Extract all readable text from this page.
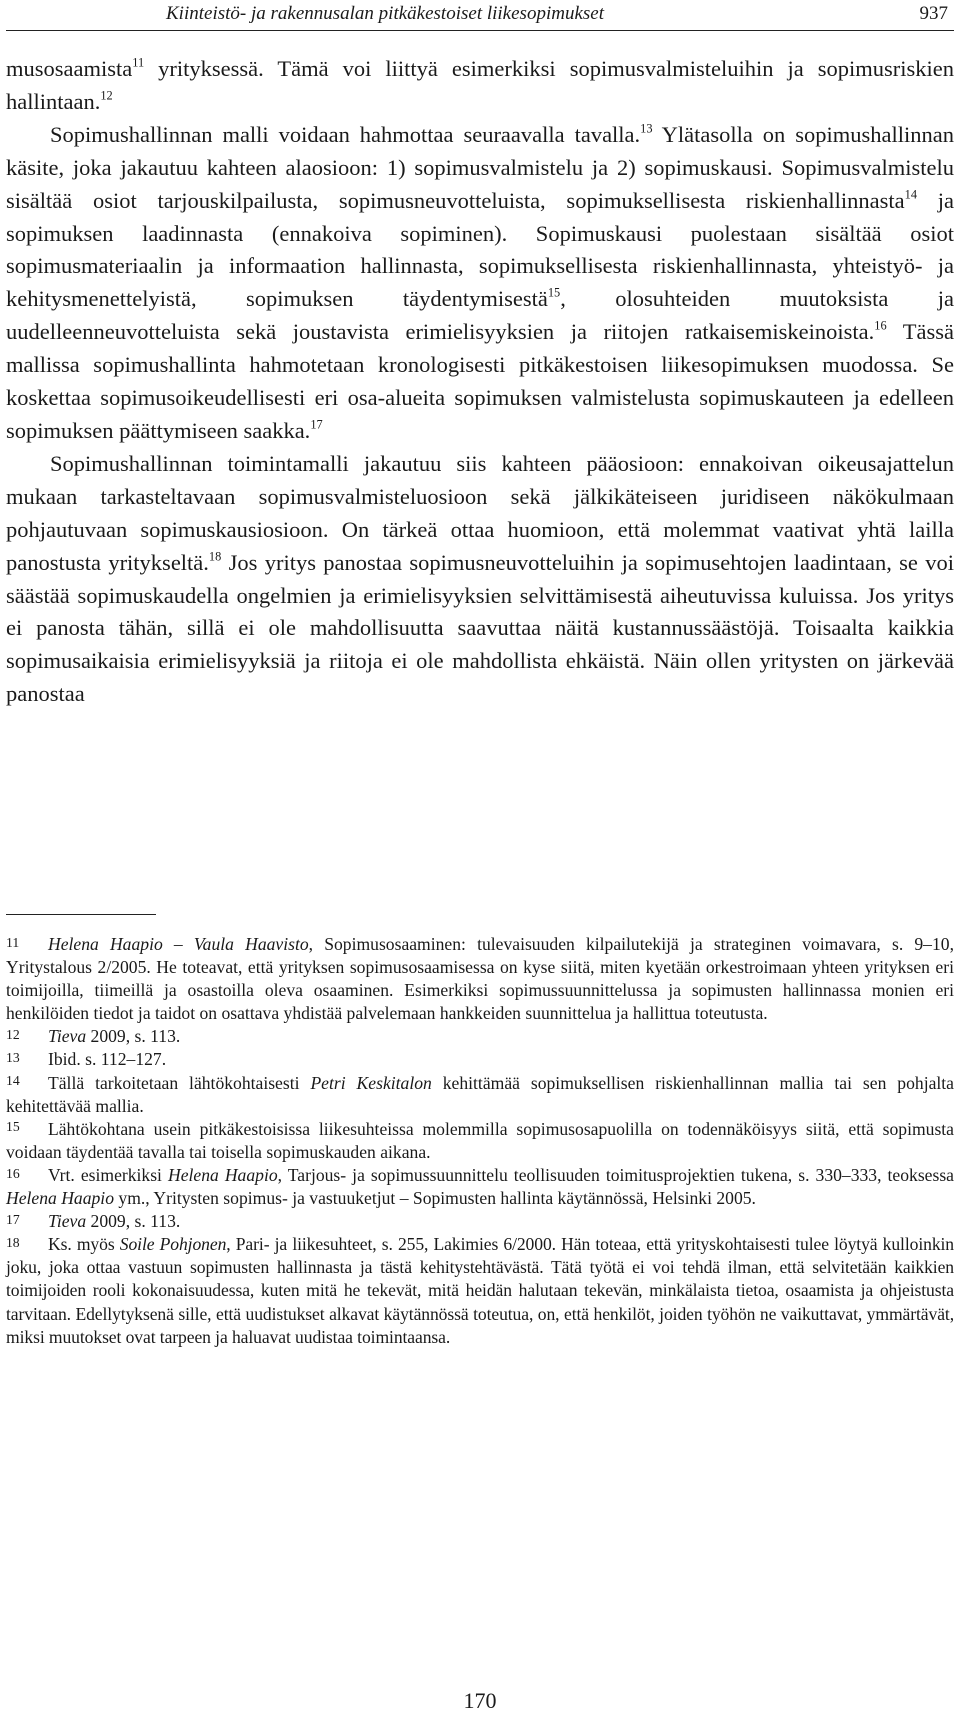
Kiinteistö- ja rakennusalan pitkäkestoiset liikesopimukset	937

musosaamista$^{11}$ yrityksessä. Tämä voi liittyä esimerkiksi sopimusvalmisteluihin ja sopimusriskien hallintaan.$^{12}$

Sopimushallinnan malli voidaan hahmottaa seuraavalla tavalla.$^{13}$ Ylätasolla on sopimushallinnan käsite, joka jakautuu kahteen alaosioon: 1) sopimusvalmistelu ja 2) sopimuskausi. Sopimusvalmistelu sisältää osiot tarjouskilpailusta, sopimusneuvotteluista, sopimuksellisesta riskienhallinnasta$^{14}$ ja sopimuksen laadinnasta (ennakoiva sopiminen). Sopimuskausi puolestaan sisältää osiot sopimusmateriaalin ja informaation hallinnasta, sopimuksellisesta riskienhallinnasta, yhteistyö- ja kehitysmenettelyistä, sopimuksen täydentymisestä$^{15}$, olosuhteiden muutoksista ja uudelleenneuvotteluista sekä joustavista erimielisyyksien ja riitojen ratkaisemiskeinoista.$^{16}$ Tässä mallissa sopimushallinta hahmotetaan kronologisesti pitkäkestoisen liikesopimuksen muodossa. Se koskettaa sopimusoikeudellisesti eri osa-alueita sopimuksen valmistelusta sopimuskauteen ja edelleen sopimuksen päättymiseen saakka.$^{17}$

Sopimushallinnan toimintamalli jakautuu siis kahteen pääosioon: ennakoivan oikeusajattelun mukaan tarkasteltavaan sopimusvalmisteluosioon sekä jälkikäteiseen juridiseen näkökulmaan pohjautuvaan sopimuskausiosioon. On tärkeä ottaa huomioon, että molemmat vaativat yhtä lailla panostusta yritykseltä.$^{18}$ Jos yritys panostaa sopimusneuvotteluihin ja sopimusehtojen laadintaan, se voi säästää sopimuskaudella ongelmien ja erimielisyyksien selvittämisestä aiheutuvissa kuluissa. Jos yritys ei panosta tähän, sillä ei ole mahdollisuutta saavuttaa näitä kustannussäästöjä. Toisaalta kaikkia sopimusaikaisia erimielisyyksiä ja riitoja ei ole mahdollista ehkäistä. Näin ollen yritysten on järkevää panostaa

11 Helena Haapio – Vaula Haavisto, Sopimusosaaminen: tulevaisuuden kilpailutekijä ja strateginen voimavara, s. 9–10, Yritystalous 2/2005. He toteavat, että yrityksen sopimusosaamisessa on kyse siitä, miten kyetään orkestroimaan yhteen yrityksen eri toimijoilla, tiimeillä ja osastoilla oleva osaaminen. Esimerkiksi sopimussuunnittelussa ja sopimusten hallinnassa monien eri henkilöiden tiedot ja taidot on osattava yhdistää palvelemaan hankkeiden suunnittelua ja hallittua toteutusta.

12 Tieva 2009, s. 113.

13 Ibid. s. 112–127.

14 Tällä tarkoitetaan lähtökohtaisesti Petri Keskitalon kehittämää sopimuksellisen riskienhallinnan mallia tai sen pohjalta kehitettävää mallia.

15 Lähtökohtana usein pitkäkestoisissa liikesuhteissa molemmilla sopimusosapuolilla on todennäköisyys siitä, että sopimusta voidaan täydentää tavalla tai toisella sopimuskauden aikana.

16 Vrt. esimerkiksi Helena Haapio, Tarjous- ja sopimussuunnittelu teollisuuden toimitusprojektien tukena, s. 330–333, teoksessa Helena Haapio ym., Yritysten sopimus- ja vastuuketjut – Sopimusten hallinta käytännössä, Helsinki 2005.

17 Tieva 2009, s. 113.

18 Ks. myös Soile Pohjonen, Pari- ja liikesuhteet, s. 255, Lakimies 6/2000. Hän toteaa, että yrityskohtaisesti tulee löytyä kulloinkin joku, joka ottaa vastuun sopimusten hallinnasta ja tästä kehitystehtävästä. Tätä työtä ei voi tehdä ilman, että selvitetään kaikkien toimijoiden rooli kokonaisuudessa, kuten mitä he tekevät, mitä heidän halutaan tekevän, minkälaista tietoa, osaamista ja ohjeistusta tarvitaan. Edellytyksenä sille, että uudistukset alkavat käytännössä toteutua, on, että henkilöt, joiden työhön ne vaikuttavat, ymmärtävät, miksi muutokset ovat tarpeen ja haluavat uudistaa toimintaansa.

170
